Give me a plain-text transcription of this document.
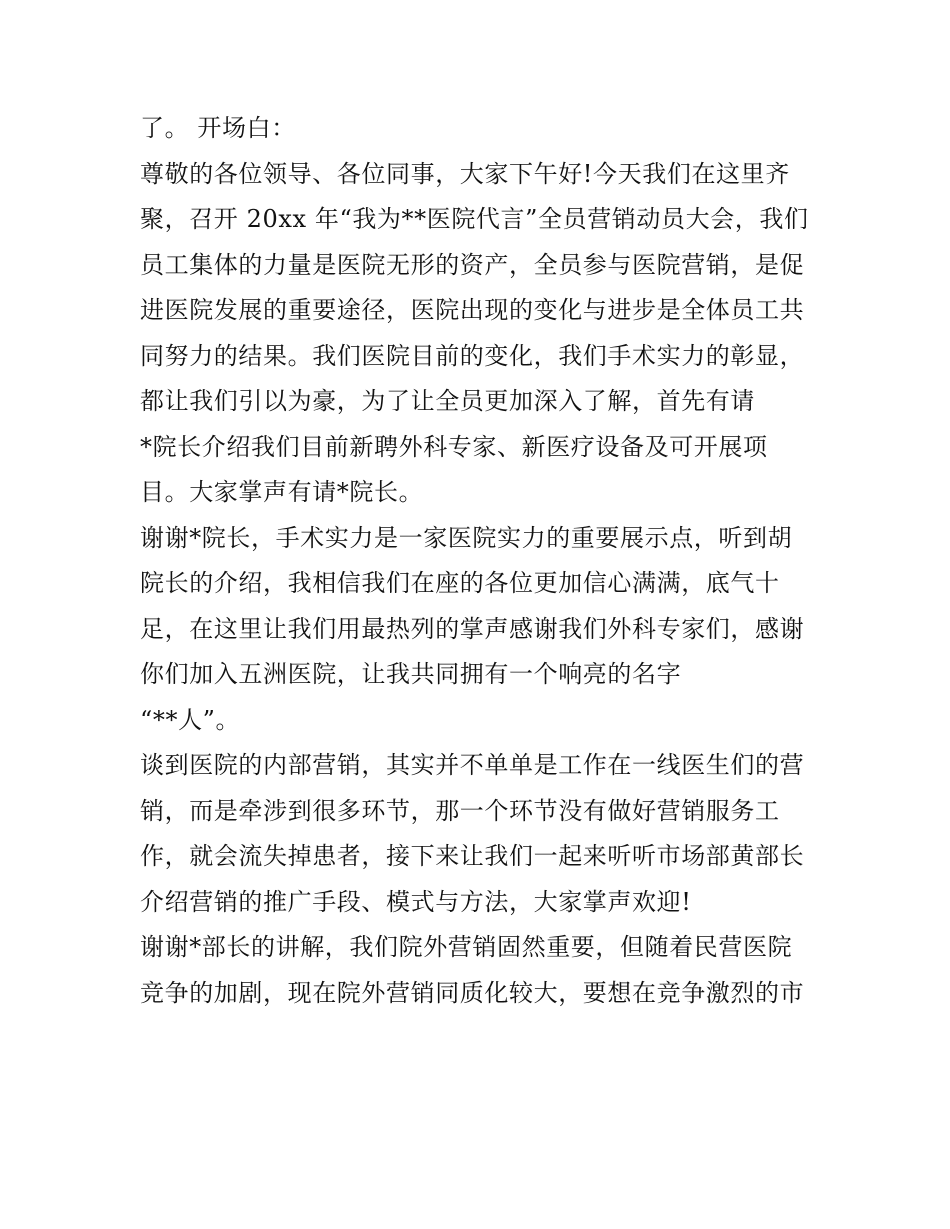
了。 开场白：
尊敬的各位领导、各位同事，大家下午好!今天我们在这里齐
聚，召开 20xx 年“我为**医院代言”全员营销动员大会，我们
员工集体的力量是医院无形的资产，全员参与医院营销，是促
进医院发展的重要途径，医院出现的变化与进步是全体员工共
同努力的结果。我们医院目前的变化，我们手术实力的彰显，
都让我们引以为豪，为了让全员更加深入了解，首先有请
*院长介绍我们目前新聘外科专家、新医疗设备及可开展项
目。大家掌声有请*院长。
谢谢*院长，手术实力是一家医院实力的重要展示点，听到胡
院长的介绍，我相信我们在座的各位更加信心满满，底气十
足，在这里让我们用最热列的掌声感谢我们外科专家们，感谢
你们加入五洲医院，让我共同拥有一个响亮的名字
“**人”。
谈到医院的内部营销，其实并不单单是工作在一线医生们的营
销，而是牵涉到很多环节，那一个环节没有做好营销服务工
作，就会流失掉患者，接下来让我们一起来听听市场部黄部长
介绍营销的推广手段、模式与方法，大家掌声欢迎!
谢谢*部长的讲解，我们院外营销固然重要，但随着民营医院
竞争的加剧，现在院外营销同质化较大，要想在竞争激烈的市
